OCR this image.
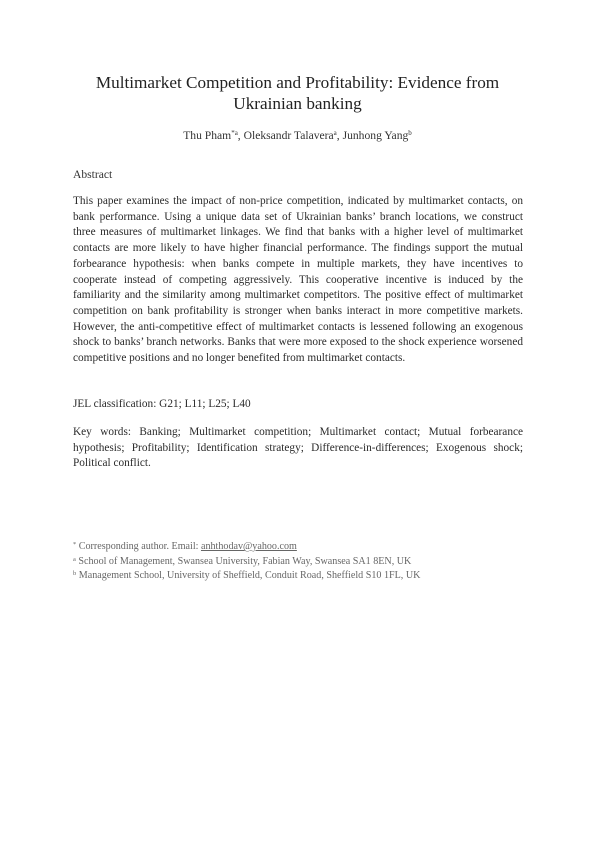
Multimarket Competition and Profitability: Evidence from Ukrainian banking
Thu Pham$^{*a}$, Oleksandr Talavera$^a$, Junhong Yang$^b$
Abstract
This paper examines the impact of non-price competition, indicated by multimarket contacts, on bank performance. Using a unique data set of Ukrainian banks’ branch locations, we construct three measures of multimarket linkages. We find that banks with a higher level of multimarket contacts are more likely to have higher financial performance. The findings support the mutual forbearance hypothesis: when banks compete in multiple markets, they have incentives to cooperate instead of competing aggressively. This cooperative incentive is induced by the familiarity and the similarity among multimarket competitors. The positive effect of multimarket competition on bank profitability is stronger when banks interact in more competitive markets. However, the anti-competitive effect of multimarket contacts is lessened following an exogenous shock to banks’ branch networks. Banks that were more exposed to the shock experience worsened competitive positions and no longer benefited from multimarket contacts.
JEL classification: G21; L11; L25; L40
Key words: Banking; Multimarket competition; Multimarket contact; Mutual forbearance hypothesis; Profitability; Identification strategy; Difference-in-differences; Exogenous shock; Political conflict.
* Corresponding author. Email: anhthodav@yahoo.com
$^a$ School of Management, Swansea University, Fabian Way, Swansea SA1 8EN, UK
$^b$ Management School, University of Sheffield, Conduit Road, Sheffield S10 1FL, UK
